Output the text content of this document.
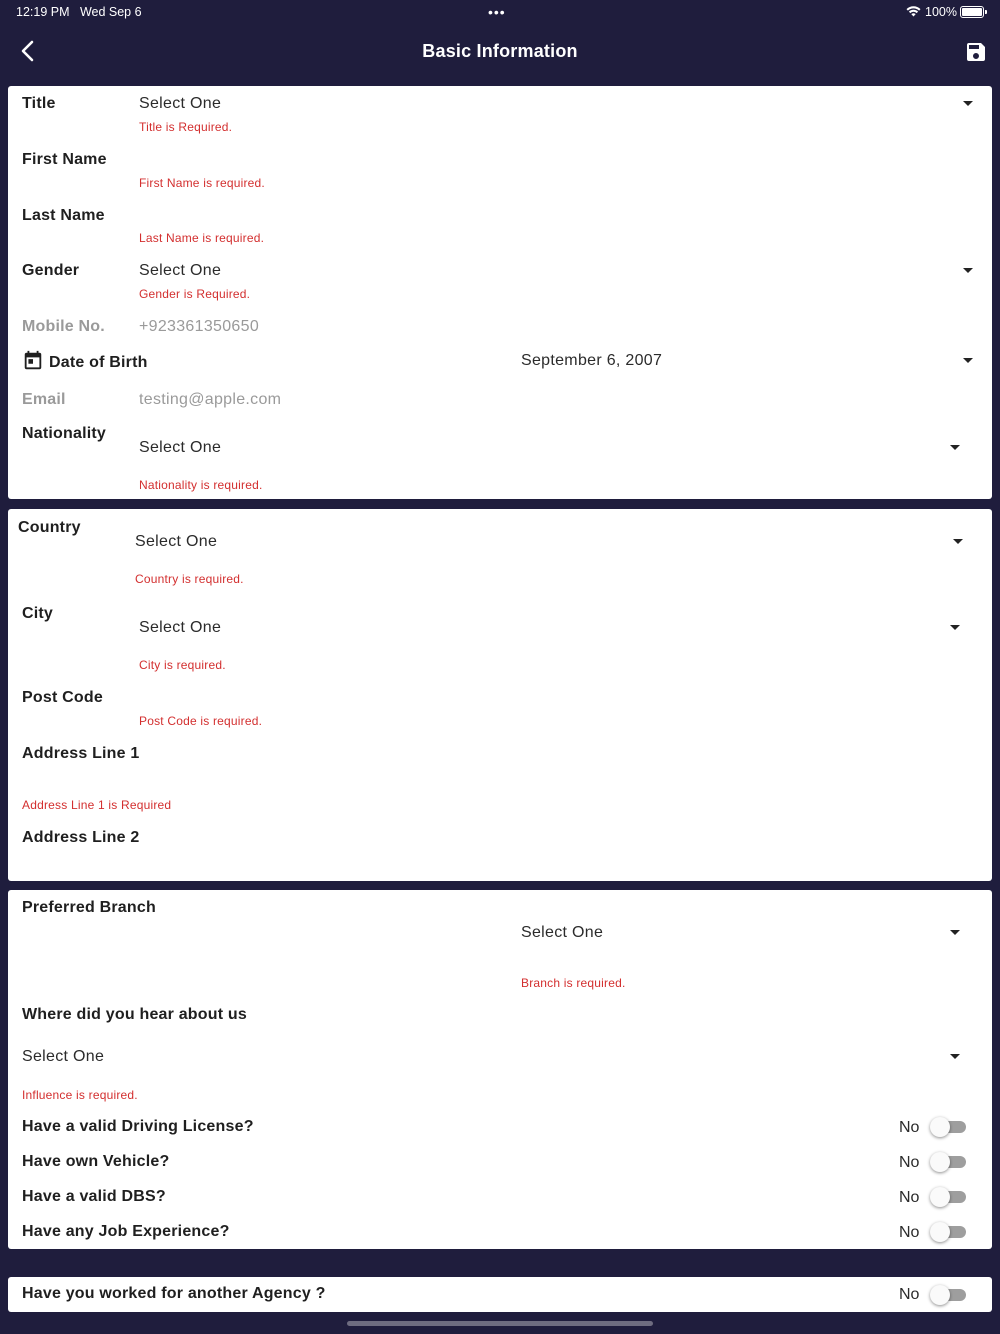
12:19 PM Wed Sep 6	•••	100%
Basic Information
Title	Select One
Title is Required.
First Name
First Name is required.
Last Name
Last Name is required.
Gender	Select One
Gender is Required.
Mobile No. +923361350650
Date of Birth	September 6, 2007
Email	testing@apple.com
Nationality
Select One
Nationality is required.
Country
Select One
Country is required.
City
Select One
City is required.
Post Code
Post Code is required.
Address Line 1
Address Line 1 is Required
Address Line 2
Preferred Branch
Select One
Branch is required.
Where did you hear about us
Select One
Influence is required.
Have a valid Driving License?	No
Have own Vehicle?	No
Have a valid DBS?	No
Have any Job Experience?	No
Have you worked for another Agency ?	No
